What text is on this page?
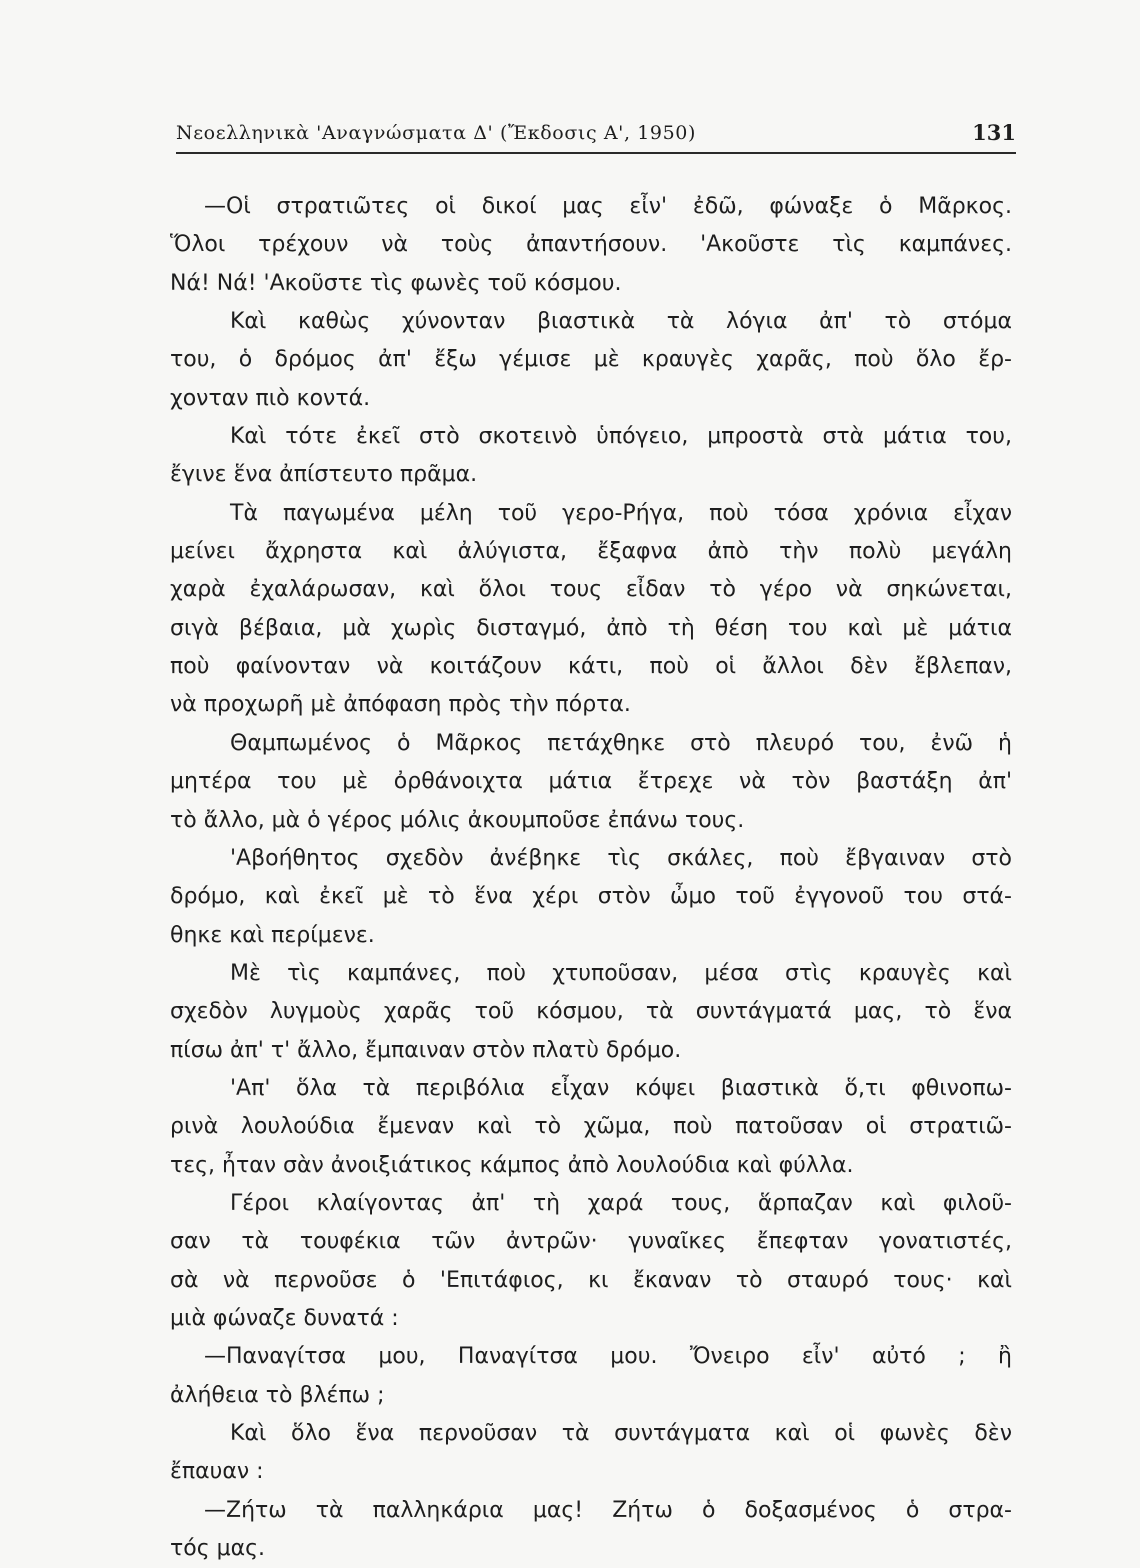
Νεοελληνικὰ 'Αναγνώσματα Δ' (Ἔκδοσις Α', 1950)	131
—Οἱ στρατιῶτες οἱ δικοί μας εἶν' ἐδῶ, φώναξε ὁ Μᾶρκος.
Ὅλοι τρέχουν νὰ τοὺς ἀπαντήσουν. 'Ακοῦστε τὶς καμπάνες.
Νά! Νά! 'Ακοῦστε τὶς φωνὲς τοῦ κόσμου.
Καὶ καθὼς χύνονταν βιαστικὰ τὰ λόγια ἀπ' τὸ στόμα
του, ὁ δρόμος ἀπ' ἔξω γέμισε μὲ κραυγὲς χαρᾶς, ποὺ ὅλο ἔρ-
χονταν πιὸ κοντά.
Καὶ τότε ἐκεῖ στὸ σκοτεινὸ ὑπόγειο, μπροστὰ στὰ μάτια του,
ἔγινε ἕνα ἀπίστευτο πρᾶμα.
Τὰ παγωμένα μέλη τοῦ γερο-Ρήγα, ποὺ τόσα χρόνια εἶχαν
μείνει ἄχρηστα καὶ ἀλύγιστα, ἔξαφνα ἀπὸ τὴν πολὺ μεγάλη
χαρὰ ἐχαλάρωσαν, καὶ ὅλοι τους εἶδαν τὸ γέρο νὰ σηκώνεται,
σιγὰ βέβαια, μὰ χωρὶς δισταγμό, ἀπὸ τὴ θέση του καὶ μὲ μάτια
ποὺ φαίνονταν νὰ κοιτάζουν κάτι, ποὺ οἱ ἄλλοι δὲν ἔβλεπαν,
νὰ προχωρῆ μὲ ἀπόφαση πρὸς τὴν πόρτα.
Θαμπωμένος ὁ Μᾶρκος πετάχθηκε στὸ πλευρό του, ἐνῶ ἡ
μητέρα του μὲ ὀρθάνοιχτα μάτια ἔτρεχε νὰ τὸν βαστάξη ἀπ'
τὸ ἄλλο, μὰ ὁ γέρος μόλις ἀκουμποῦσε ἐπάνω τους.
'Αβοήθητος σχεδὸν ἀνέβηκε τὶς σκάλες, ποὺ ἔβγαιναν στὸ
δρόμο, καὶ ἐκεῖ μὲ τὸ ἕνα χέρι στὸν ὦμο τοῦ ἐγγονοῦ του στά-
θηκε καὶ περίμενε.
Μὲ τὶς καμπάνες, ποὺ χτυποῦσαν, μέσα στὶς κραυγὲς καὶ
σχεδὸν λυγμοὺς χαρᾶς τοῦ κόσμου, τὰ συντάγματά μας, τὸ ἕνα
πίσω ἀπ' τ' ἄλλο, ἔμπαιναν στὸν πλατὺ δρόμο.
'Απ' ὅλα τὰ περιβόλια εἶχαν κόψει βιαστικὰ ὅ,τι φθινοπω-
ρινὰ λουλούδια ἔμεναν καὶ τὸ χῶμα, ποὺ πατοῦσαν οἱ στρατιῶ-
τες, ἦταν σὰν ἀνοιξιάτικος κάμπος ἀπὸ λουλούδια καὶ φύλλα.
Γέροι κλαίγοντας ἀπ' τὴ χαρά τους, ἅρπαζαν καὶ φιλοῦ-
σαν τὰ τουφέκια τῶν ἀντρῶν· γυναῖκες ἔπεφταν γονατιστές,
σὰ νὰ περνοῦσε ὁ 'Επιτάφιος, κι ἔκαναν τὸ σταυρό τους· καὶ
μιὰ φώναζε δυνατά :
—Παναγίτσα μου, Παναγίτσα μου. Ὄνειρο εἶν' αὐτό ; ἢ
ἀλήθεια τὸ βλέπω ;
Καὶ ὅλο ἕνα περνοῦσαν τὰ συντάγματα καὶ οἱ φωνὲς δὲν
ἔπαυαν :
—Ζήτω τὰ παλληκάρια μας! Ζήτω ὁ δοξασμένος ὁ στρα-
τός μας.
